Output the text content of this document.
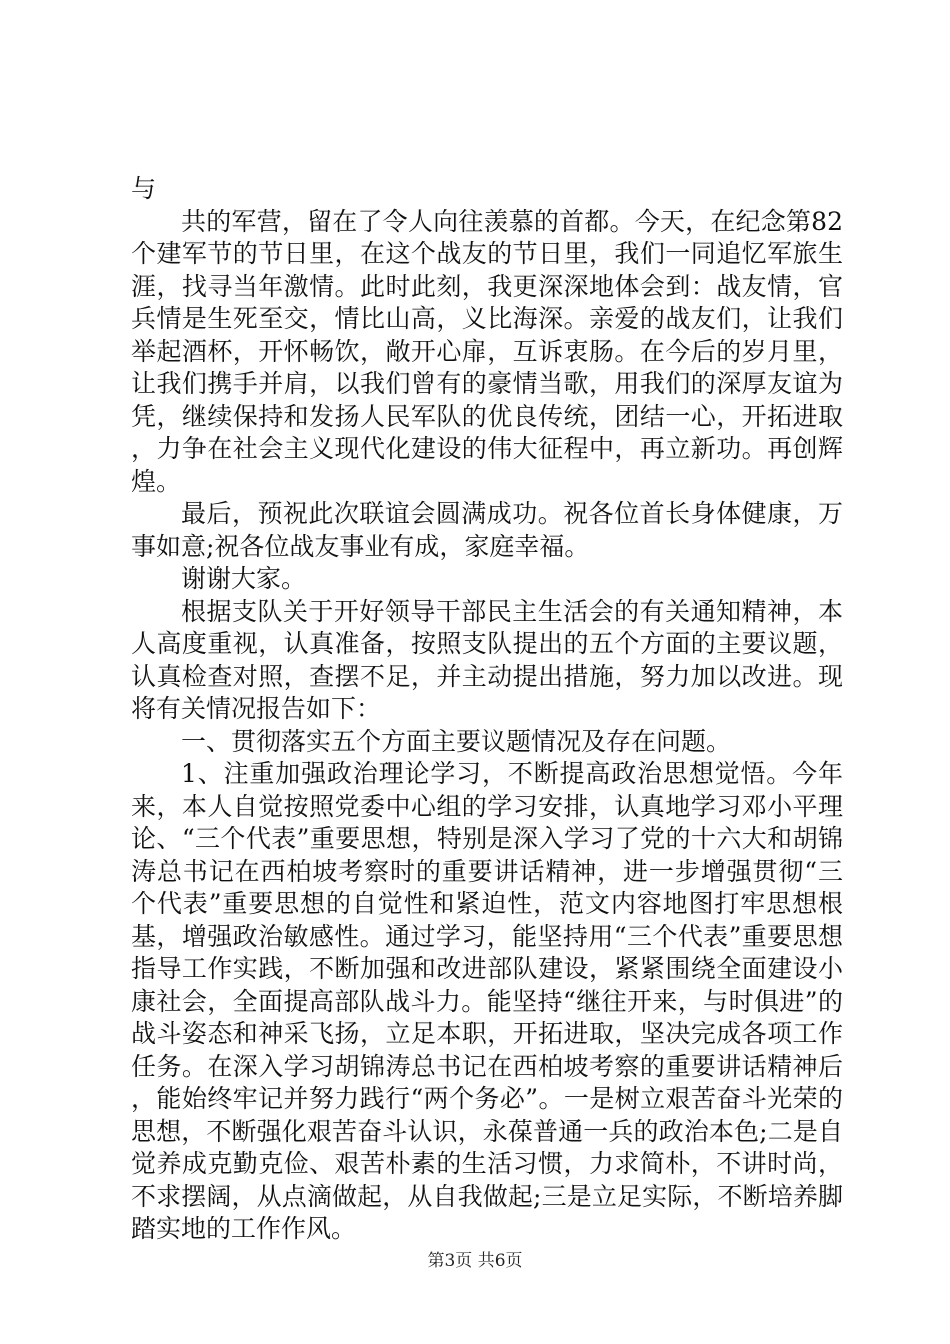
与

共的军营，留在了令人向往羡慕的首都。今天，在纪念第82个建军节的节日里，在这个战友的节日里，我们一同追忆军旅生涯，找寻当年激情。此时此刻，我更深深地体会到：战友情，官兵情是生死至交，情比山高，义比海深。亲爱的战友们，让我们举起酒杯，开怀畅饮，敞开心扉，互诉衷肠。在今后的岁月里，让我们携手并肩，以我们曾有的豪情当歌，用我们的深厚友谊为凭，继续保持和发扬人民军队的优良传统，团结一心，开拓进取，力争在社会主义现代化建设的伟大征程中，再立新功。再创辉煌。

最后，预祝此次联谊会圆满成功。祝各位首长身体健康，万事如意;祝各位战友事业有成，家庭幸福。

谢谢大家。

根据支队关于开好领导干部民主生活会的有关通知精神，本人高度重视，认真准备，按照支队提出的五个方面的主要议题，认真检查对照，查摆不足，并主动提出措施，努力加以改进。现将有关情况报告如下：

一、贯彻落实五个方面主要议题情况及存在问题。

1、注重加强政治理论学习，不断提高政治思想觉悟。今年来，本人自觉按照党委中心组的学习安排，认真地学习邓小平理论、“三个代表”重要思想，特别是深入学习了党的十六大和胡锦涛总书记在西柏坡考察时的重要讲话精神，进一步增强贯彻“三个代表”重要思想的自觉性和紧迫性，范文内容地图打牢思想根基，增强政治敏感性。通过学习，能坚持用“三个代表”重要思想指导工作实践，不断加强和改进部队建设，紧紧围绕全面建设小康社会，全面提高部队战斗力。能坚持“继往开来，与时俱进”的战斗姿态和神采飞扬，立足本职，开拓进取，坚决完成各项工作任务。在深入学习胡锦涛总书记在西柏坡考察的重要讲话精神后，能始终牢记并努力践行“两个务必”。一是树立艰苦奋斗光荣的思想，不断强化艰苦奋斗认识，永葆普通一兵的政治本色;二是自觉养成克勤克俭、艰苦朴素的生活习惯，力求简朴，不讲时尚，不求摆阔，从点滴做起，从自我做起;三是立足实际，不断培养脚踏实地的工作作风。

第3页 共6页
